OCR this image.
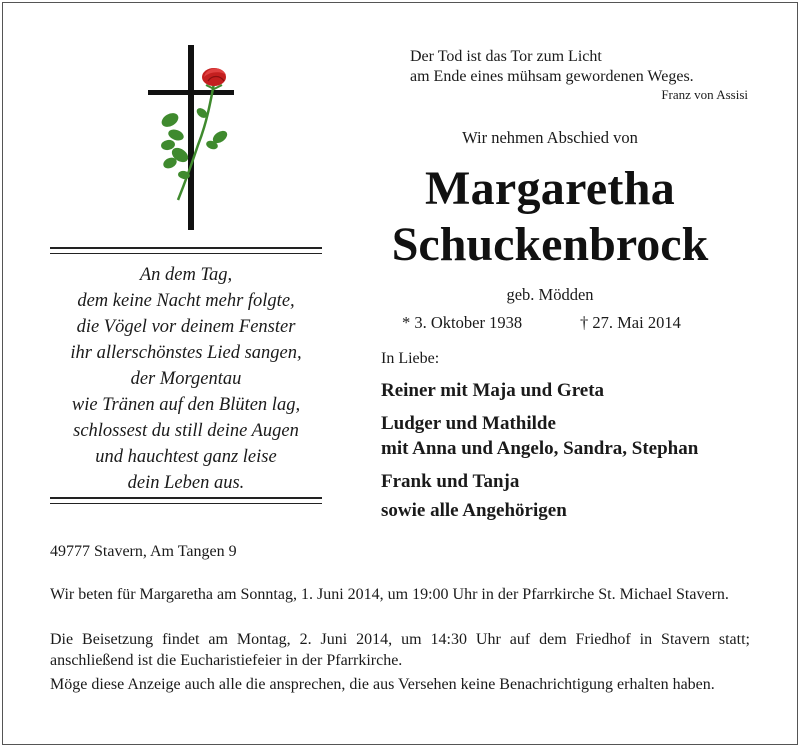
An dem Tag,
dem keine Nacht mehr folgte,
die Vögel vor deinem Fenster
ihr allerschönstes Lied sangen,
der Morgentau
wie Tränen auf den Blüten lag,
schlossest du still deine Augen
und hauchtest ganz leise
dein Leben aus.
Der Tod ist das Tor zum Licht
am Ende eines mühsam gewordenen Weges.
Franz von Assisi
Wir nehmen Abschied von
Margaretha
Schuckenbrock
geb. Mödden
* 3. Oktober 1938	† 27. Mai 2014
In Liebe:
Reiner mit Maja und Greta
Ludger und Mathilde
mit Anna und Angelo, Sandra, Stephan
Frank und Tanja
sowie alle Angehörigen
49777 Stavern, Am Tangen 9
Wir beten für Margaretha am Sonntag, 1. Juni 2014, um 19:00 Uhr in der Pfarrkirche St. Michael Stavern.
Die Beisetzung findet am Montag, 2. Juni 2014, um 14:30 Uhr auf dem Friedhof in Stavern statt; anschließend ist die Eucharistiefeier in der Pfarrkirche.
Möge diese Anzeige auch alle die ansprechen, die aus Versehen keine Benachrichtigung erhalten haben.
